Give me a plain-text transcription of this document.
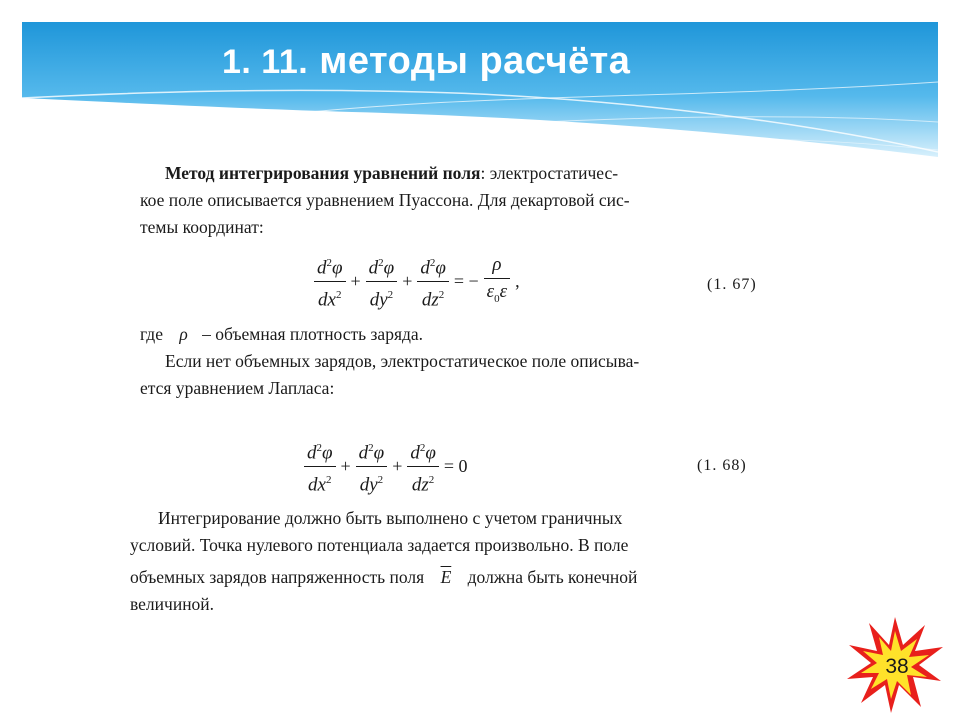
1. 11. методы расчёта
Метод интегрирования уравнений поля: электростатичес-
кое поле описывается уравнением Пуассона. Для декартовой сис-
темы координат:
$\frac{d^2\varphi}{dx^2} + \frac{d^2\varphi}{dy^2} + \frac{d^2\varphi}{dz^2}$ = − $\frac{\rho}{\varepsilon_0\varepsilon}$ ,	(1. 67)
где ρ – объемная плотность заряда.
Если нет объемных зарядов, электростатическое поле описыва-
ется уравнением Лапласа:
$\frac{d^2\varphi}{dx^2} + \frac{d^2\varphi}{dy^2} + \frac{d^2\varphi}{dz^2} = 0$	(1. 68)
Интегрирование должно быть выполнено с учетом граничных
условий. Точка нулевого потенциала задается произвольно. В поле
объемных зарядов напряженность поля $\overline{E}$ должна быть конечной
величиной.
38
